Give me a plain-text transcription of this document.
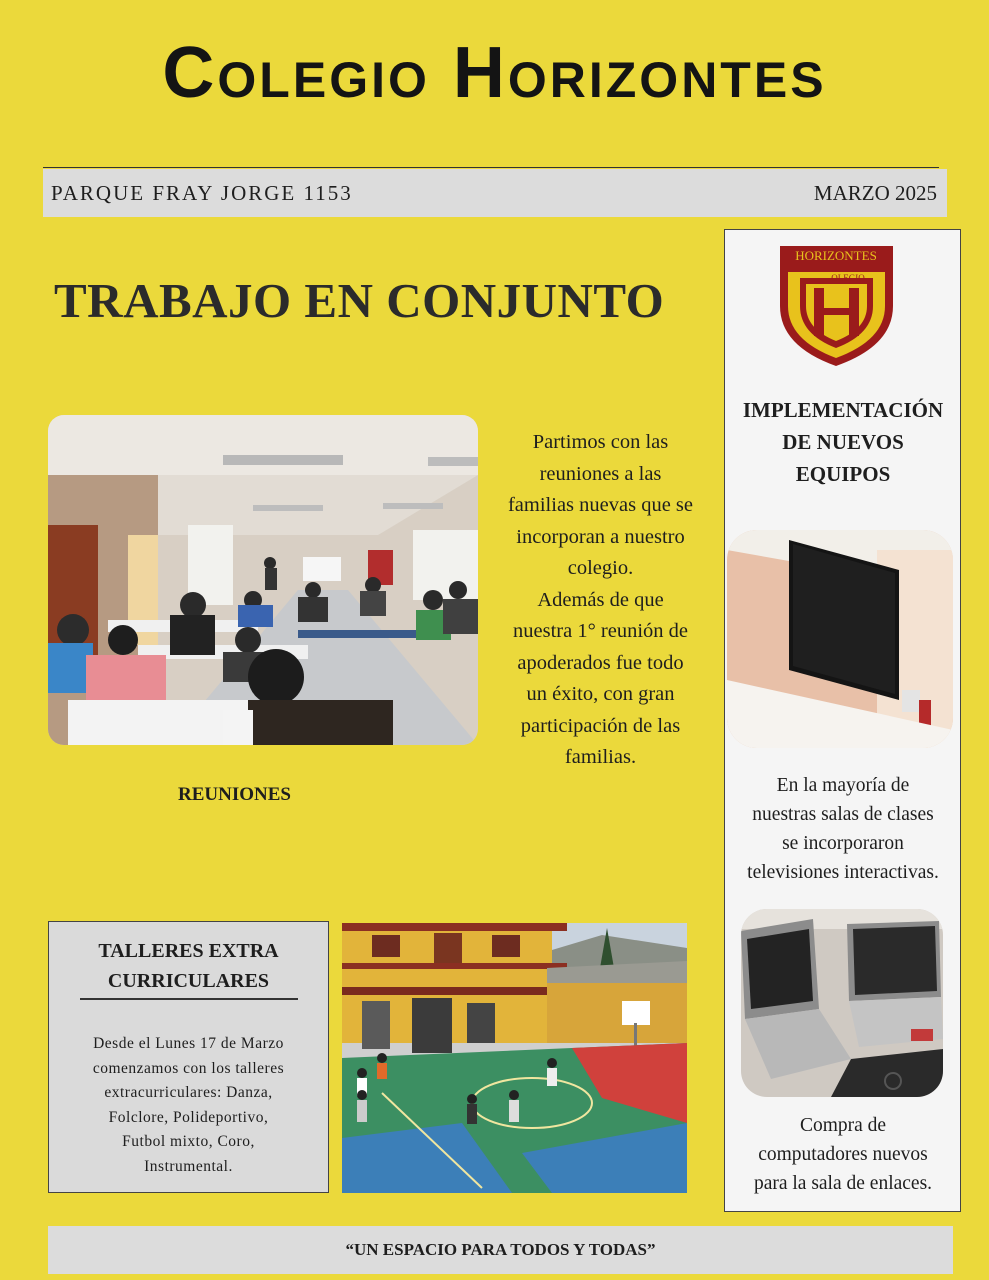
Colegio Horizontes
PARQUE FRAY JORGE 1153	MARZO 2025
TRABAJO EN CONJUNTO
Partimos con las
reuniones a las
familias nuevas que se
incorporan a nuestro
colegio.
Además de que
nuestra 1° reunión de
apoderados fue todo
un éxito, con gran
participación de las
familias.
REUNIONES
TALLERES EXTRA
CURRICULARES
Desde el Lunes 17 de Marzo
comenzamos con los talleres
extracurriculares: Danza,
Folclore, Polideportivo,
Futbol mixto, Coro,
Instrumental.
HORIZONTES
OLEGIO
IMPLEMENTACIÓN
DE NUEVOS
EQUIPOS
En la mayoría de
nuestras salas de clases
se incorporaron
televisiones interactivas.
Compra de
computadores nuevos
para la sala de enlaces.
“UN ESPACIO PARA TODOS Y TODAS”
